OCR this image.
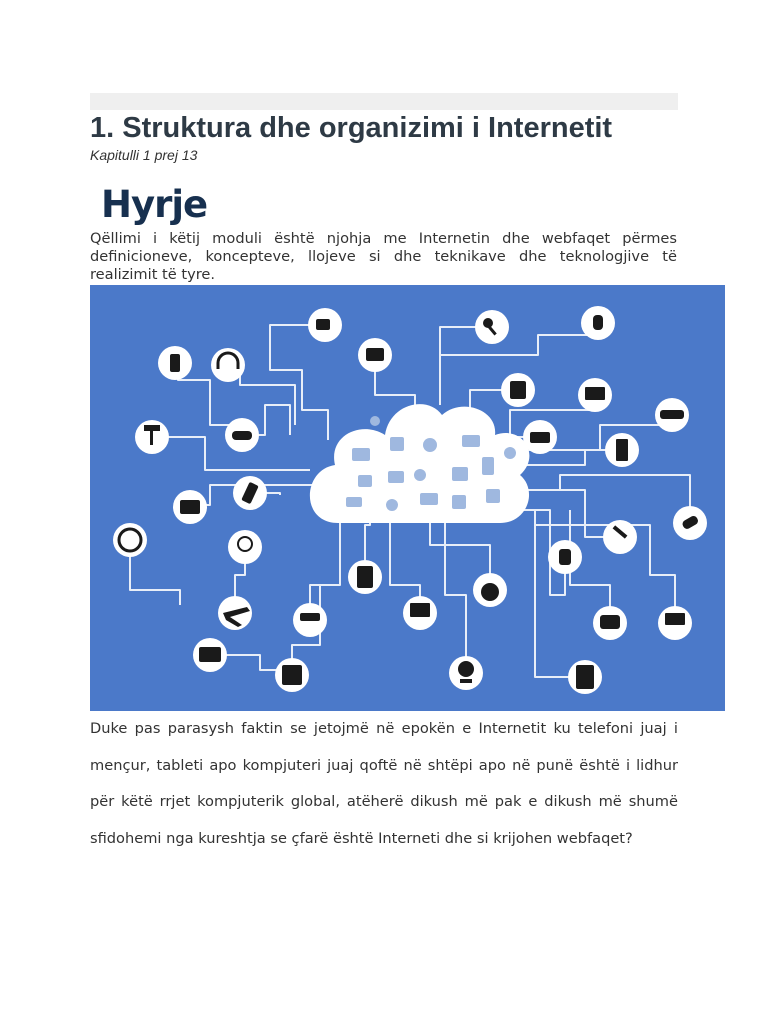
1. Struktura dhe organizimi i Internetit
Kapitulli 1 prej 13
Hyrje
Qëllimi i këtij moduli është njohja me Internetin dhe webfaqet përmes definicioneve, koncepteve, llojeve si dhe teknikave dhe teknologjive të realizimit të tyre.
Duke pas parasysh faktin se jetojmë në epokën e Internetit ku telefoni juaj i mençur, tableti apo kompjuteri juaj qoftë në shtëpi apo në punë është i lidhur për këtë rrjet kompjuterik global, atëherë dikush më pak e dikush më shumë sfidohemi nga kureshtja se çfarë është Interneti dhe si krijohen webfaqet?
